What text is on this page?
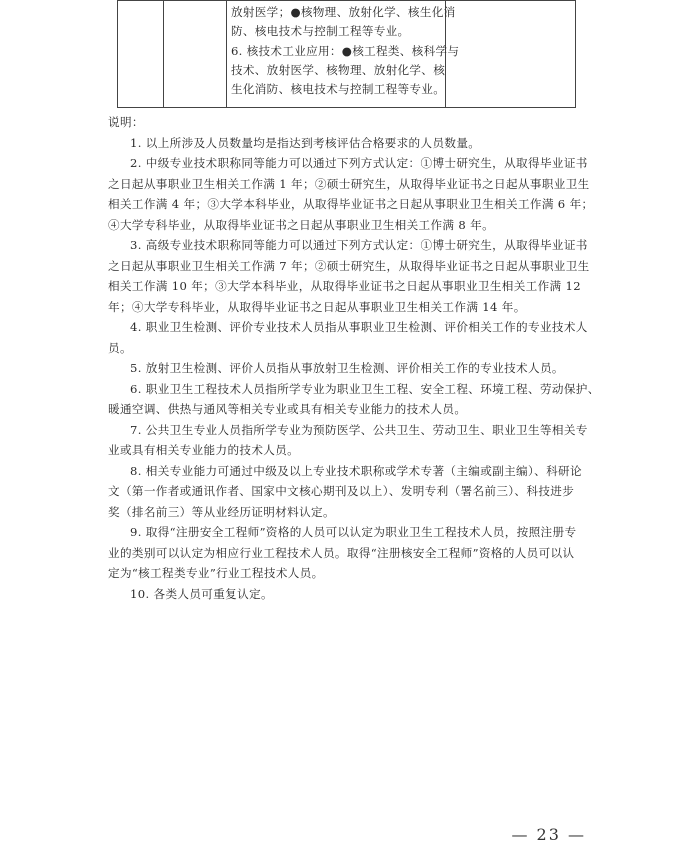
放射医学；●核物理、放射化学、核生化消
防、核电技术与控制工程等专业。
6. 核技术工业应用：●核工程类、核科学与
技术、放射医学、核物理、放射化学、核
生化消防、核电技术与控制工程等专业。

说明：
1. 以上所涉及人员数量均是指达到考核评估合格要求的人员数量。
2. 中级专业技术职称同等能力可以通过下列方式认定：①博士研究生，从取得毕业证书
之日起从事职业卫生相关工作满 1 年；②硕士研究生，从取得毕业证书之日起从事职业卫生
相关工作满 4 年；③大学本科毕业，从取得毕业证书之日起从事职业卫生相关工作满 6 年；
④大学专科毕业，从取得毕业证书之日起从事职业卫生相关工作满 8 年。
3. 高级专业技术职称同等能力可以通过下列方式认定：①博士研究生，从取得毕业证书
之日起从事职业卫生相关工作满 7 年；②硕士研究生，从取得毕业证书之日起从事职业卫生
相关工作满 10 年；③大学本科毕业，从取得毕业证书之日起从事职业卫生相关工作满 12
年；④大学专科毕业，从取得毕业证书之日起从事职业卫生相关工作满 14 年。
4. 职业卫生检测、评价专业技术人员指从事职业卫生检测、评价相关工作的专业技术人
员。
5. 放射卫生检测、评价人员指从事放射卫生检测、评价相关工作的专业技术人员。
6. 职业卫生工程技术人员指所学专业为职业卫生工程、安全工程、环境工程、劳动保护、
暖通空调、供热与通风等相关专业或具有相关专业能力的技术人员。
7. 公共卫生专业人员指所学专业为预防医学、公共卫生、劳动卫生、职业卫生等相关专
业或具有相关专业能力的技术人员。
8. 相关专业能力可通过中级及以上专业技术职称或学术专著（主编或副主编）、科研论
文（第一作者或通讯作者、国家中文核心期刊及以上）、发明专利（署名前三）、科技进步
奖（排名前三）等从业经历证明材料认定。
9. 取得“注册安全工程师”资格的人员可以认定为职业卫生工程技术人员，按照注册专
业的类别可以认定为相应行业工程技术人员。取得“注册核安全工程师”资格的人员可以认
定为“核工程类专业”行业工程技术人员。
10. 各类人员可重复认定。
— 23 —
